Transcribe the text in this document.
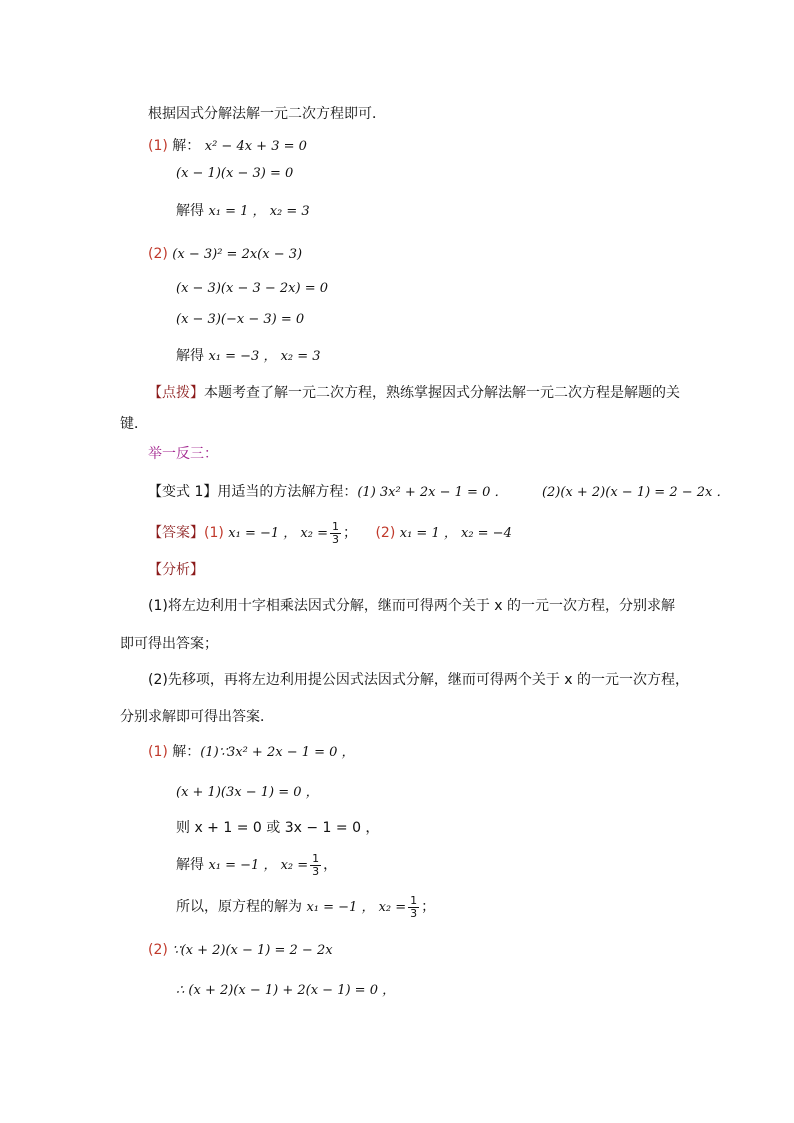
根据因式分解法解一元二次方程即可．
(1) 解： x² − 4x + 3 = 0
(x − 1)(x − 3) = 0
解得 x₁ = 1 ， x₂ = 3
(2) (x − 3)² = 2x(x − 3)
(x − 3)(x − 3 − 2x) = 0
(x − 3)(−x − 3) = 0
解得 x₁ = −3 ， x₂ = 3
【点拨】本题考查了解一元二次方程，熟练掌握因式分解法解一元二次方程是解题的关
键．
举一反三：
【变式 1】用适当的方法解方程：(1) 3x² + 2x − 1 = 0 ．	(2)(x + 2)(x − 1) = 2 − 2x ．
【答案】(1) x₁ = −1 ， $x_2 = \frac{1}{3}$ ； (2) x₁ = 1 ， x₂ = −4
【分析】
(1)将左边利用十字相乘法因式分解，继而可得两个关于 x 的一元一次方程，分别求解
即可得出答案；
(2)先移项，再将左边利用提公因式法因式分解，继而可得两个关于 x 的一元一次方程，
分别求解即可得出答案．
(1) 解：(1)∵3x² + 2x − 1 = 0 ，
(x + 1)(3x − 1) = 0 ，
则 x + 1 = 0 或 3x − 1 = 0 ，
解得 x₁ = −1 ， $x_2 = \frac{1}{3}$ ，
所以，原方程的解为 x₁ = −1 ， $x_2 = \frac{1}{3}$ ；
(2) ∵(x + 2)(x − 1) = 2 − 2x
∴ (x + 2)(x − 1) + 2(x − 1) = 0 ，
